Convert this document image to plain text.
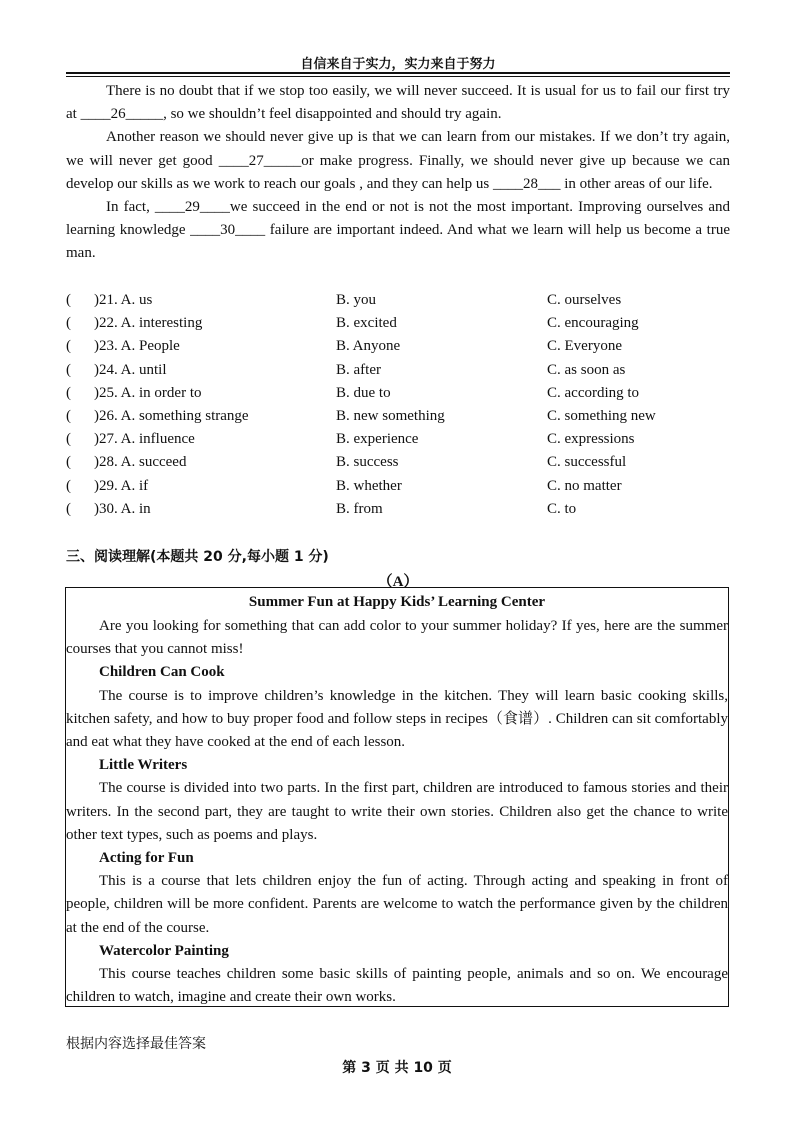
自信来自于实力，实力来自于努力

There is no doubt that if we stop too easily, we will never succeed. It is usual for us to fail our first try at ____26_____, so we shouldn’t feel disappointed and should try again.

Another reason we should never give up is that we can learn from our mistakes. If we don’t try again, we will never get good ____27_____or make progress. Finally, we should never give up because we can develop our skills as we work to reach our goals , and they can help us ____28___ in other areas of our life.

In fact, ____29____we succeed in the end or not is not the most important. Improving ourselves and learning knowledge ____30____ failure are important indeed. And what we learn will help us become a true man.

( )21. A. us	B. you	C. ourselves
( )22. A. interesting	B. excited	C. encouraging
( )23. A. People	B. Anyone	C. Everyone
( )24. A. until	B. after	C. as soon as
( )25. A. in order to	B. due to	C. according to
( )26. A. something strange	B. new something	C. something new
( )27. A. influence	B. experience	C. expressions
( )28. A. succeed	B. success	C. successful
( )29. A. if	B. whether	C. no matter
( )30. A. in	B. from	C. to
三、阅读理解(本题共 20 分,每小题 1 分)
（A）
Summer Fun at Happy Kids’ Learning Center

Are you looking for something that can add color to your summer holiday? If yes, here are the summer courses that you cannot miss!

Children Can Cook

The course is to improve children’s knowledge in the kitchen. They will learn basic cooking skills, kitchen safety, and how to buy proper food and follow steps in recipes（食谱）. Children can sit comfortably and eat what they have cooked at the end of each lesson.

Little Writers

The course is divided into two parts. In the first part, children are introduced to famous stories and their writers. In the second part, they are taught to write their own stories. Children also get the chance to write other text types, such as poems and plays.

Acting for Fun

This is a course that lets children enjoy the fun of acting. Through acting and speaking in front of people, children will be more confident. Parents are welcome to watch the performance given by the children at the end of the course.

Watercolor Painting

This course teaches children some basic skills of painting people, animals and so on. We encourage children to watch, imagine and create their own works.

根据内容选择最佳答案
第 3 页 共 10 页
